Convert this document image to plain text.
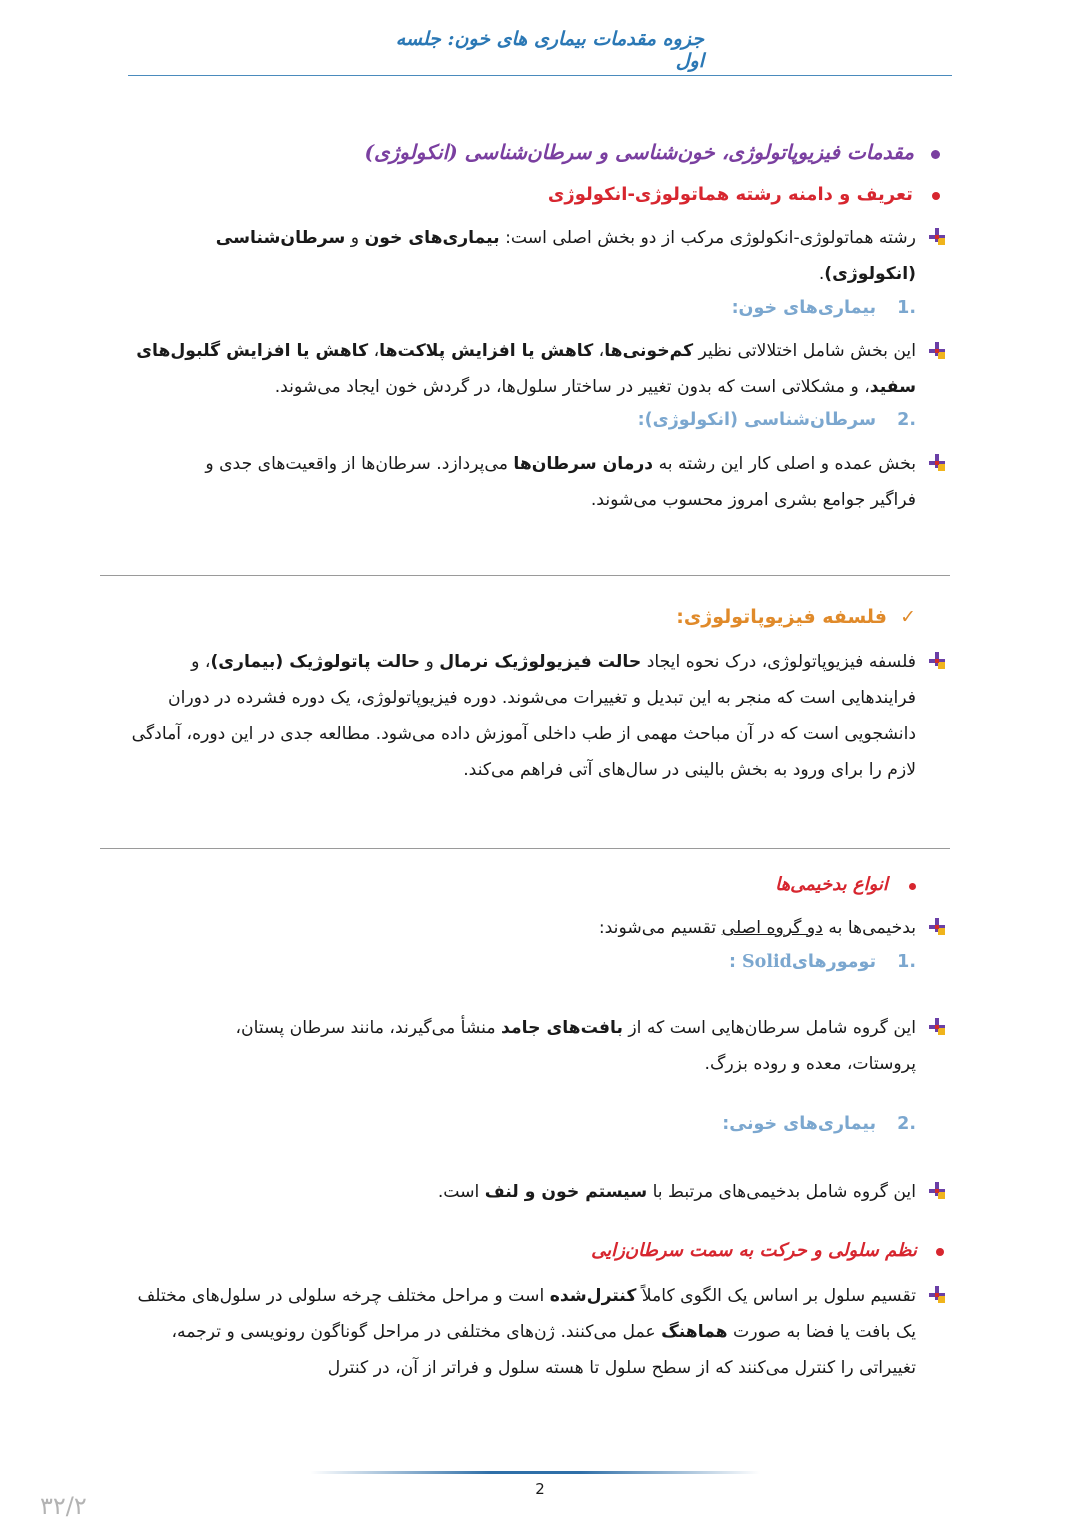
جزوه مقدمات بیماری های خون: جلسه اول
مقدمات فیزیوپاتولوژی، خون‌شناسی و سرطان‌شناسی (انکولوژی)
تعریف و دامنه رشته هماتولوژی-انکولوژی
رشته هماتولوژی-انکولوژی مرکب از دو بخش اصلی است: بیماری‌های خون و سرطان‌شناسی (انکولوژی).
.1 بیماری‌های خون:
این بخش شامل اختلالاتی نظیر کم‌خونی‌ها، کاهش یا افزایش پلاکت‌ها، کاهش یا افزایش گلبول‌های سفید، و مشکلاتی است که بدون تغییر در ساختار سلول‌ها، در گردش خون ایجاد می‌شوند.
.2 سرطان‌شناسی (انکولوژی):
بخش عمده و اصلی کار این رشته به درمان سرطان‌ها می‌پردازد. سرطان‌ها از واقعیت‌های جدی و فراگیر جوامع بشری امروز محسوب می‌شوند.
✓ فلسفه فیزیوپاتولوژی:
فلسفه فیزیوپاتولوژی، درک نحوه ایجاد حالت فیزیولوژیک نرمال و حالت پاتولوژیک (بیماری)، و فرایندهایی است که منجر به این تبدیل و تغییرات می‌شوند. دوره فیزیوپاتولوژی، یک دوره فشرده در دوران دانشجویی است که در آن مباحث مهمی از طب داخلی آموزش داده می‌شود. مطالعه جدی در این دوره، آمادگی لازم را برای ورود به بخش بالینی در سال‌های آتی فراهم می‌کند.
انواع بدخیمی‌ها
بدخیمی‌ها به دو گروه اصلی تقسیم می‌شوند:
.1 تومورهایSolid :
این گروه شامل سرطان‌هایی است که از بافت‌های جامد منشأ می‌گیرند، مانند سرطان پستان، پروستات، معده و روده بزرگ.
.2 بیماری‌های خونی:
این گروه شامل بدخیمی‌های مرتبط با سیستم خون و لنف است.
نظم سلولی و حرکت به سمت سرطان‌زایی
تقسیم سلول بر اساس یک الگوی کاملاً کنترل‌شده است و مراحل مختلف چرخه سلولی در سلول‌های مختلف یک بافت یا فضا به صورت هماهنگ عمل می‌کنند. ژن‌های مختلفی در مراحل گوناگون رونویسی و ترجمه، تغییراتی را کنترل می‌کنند که از سطح سلول تا هسته سلول و فراتر از آن، در کنترل
2
۳۲/۲
